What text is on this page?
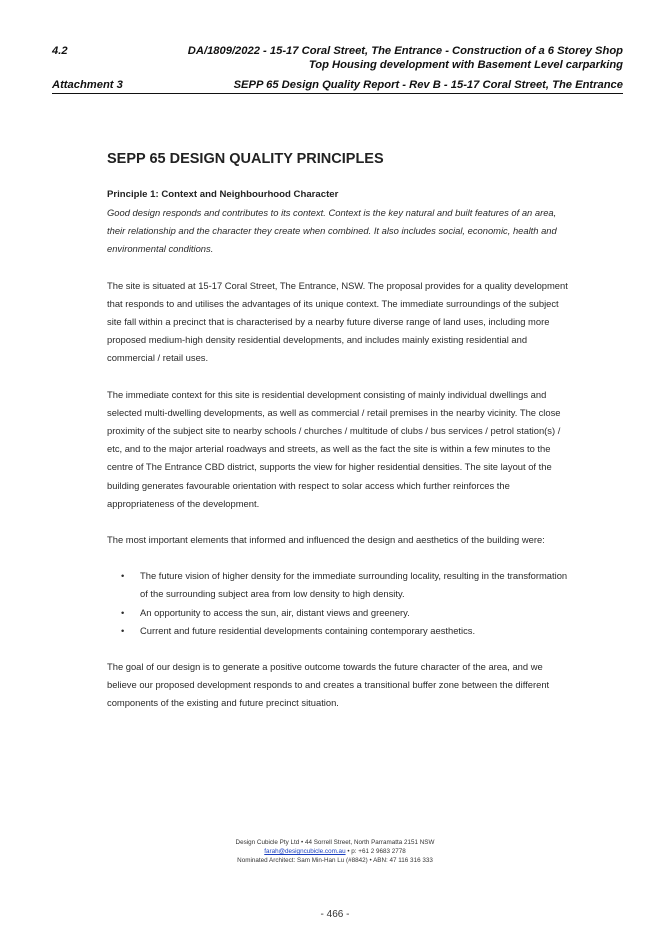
4.2	DA/1809/2022 - 15-17 Coral Street, The Entrance - Construction of a 6 Storey Shop
Top Housing development with Basement Level carparking
Attachment 3	SEPP 65 Design Quality Report - Rev B - 15-17 Coral Street, The Entrance
SEPP 65 DESIGN QUALITY PRINCIPLES
Principle 1: Context and Neighbourhood Character
Good design responds and contributes to its context. Context is the key natural and built features of an area, their relationship and the character they create when combined. It also includes social, economic, health and environmental conditions.

The site is situated at 15-17 Coral Street, The Entrance, NSW. The proposal provides for a quality development that responds to and utilises the advantages of its unique context. The immediate surroundings of the subject site fall within a precinct that is characterised by a nearby future diverse range of land uses, including more proposed medium-high density residential developments, and includes mainly existing residential and commercial / retail uses.

The immediate context for this site is residential development consisting of mainly individual dwellings and selected multi-dwelling developments, as well as commercial / retail premises in the nearby vicinity. The close proximity of the subject site to nearby schools / churches / multitude of clubs / bus services / petrol station(s) / etc, and to the major arterial roadways and streets, as well as the fact the site is within a few minutes to the centre of The Entrance CBD district, supports the view for higher residential densities. The site layout of the building generates favourable orientation with respect to solar access which further reinforces the appropriateness of the development.

The most important elements that informed and influenced the design and aesthetics of the building were:

• The future vision of higher density for the immediate surrounding locality, resulting in the transformation of the surrounding subject area from low density to high density.
• An opportunity to access the sun, air, distant views and greenery.
• Current and future residential developments containing contemporary aesthetics.

The goal of our design is to generate a positive outcome towards the future character of the area, and we believe our proposed development responds to and creates a transitional buffer zone between the different components of the existing and future precinct situation.

Design Cubicle Pty Ltd • 44 Sorrell Street, North Parramatta 2151 NSW
farah@designcubicle.com.au • p: +61 2 9683 2778
Nominated Architect: Sam Min-Han Lu (#8842) • ABN: 47 116 316 333
- 466 -
